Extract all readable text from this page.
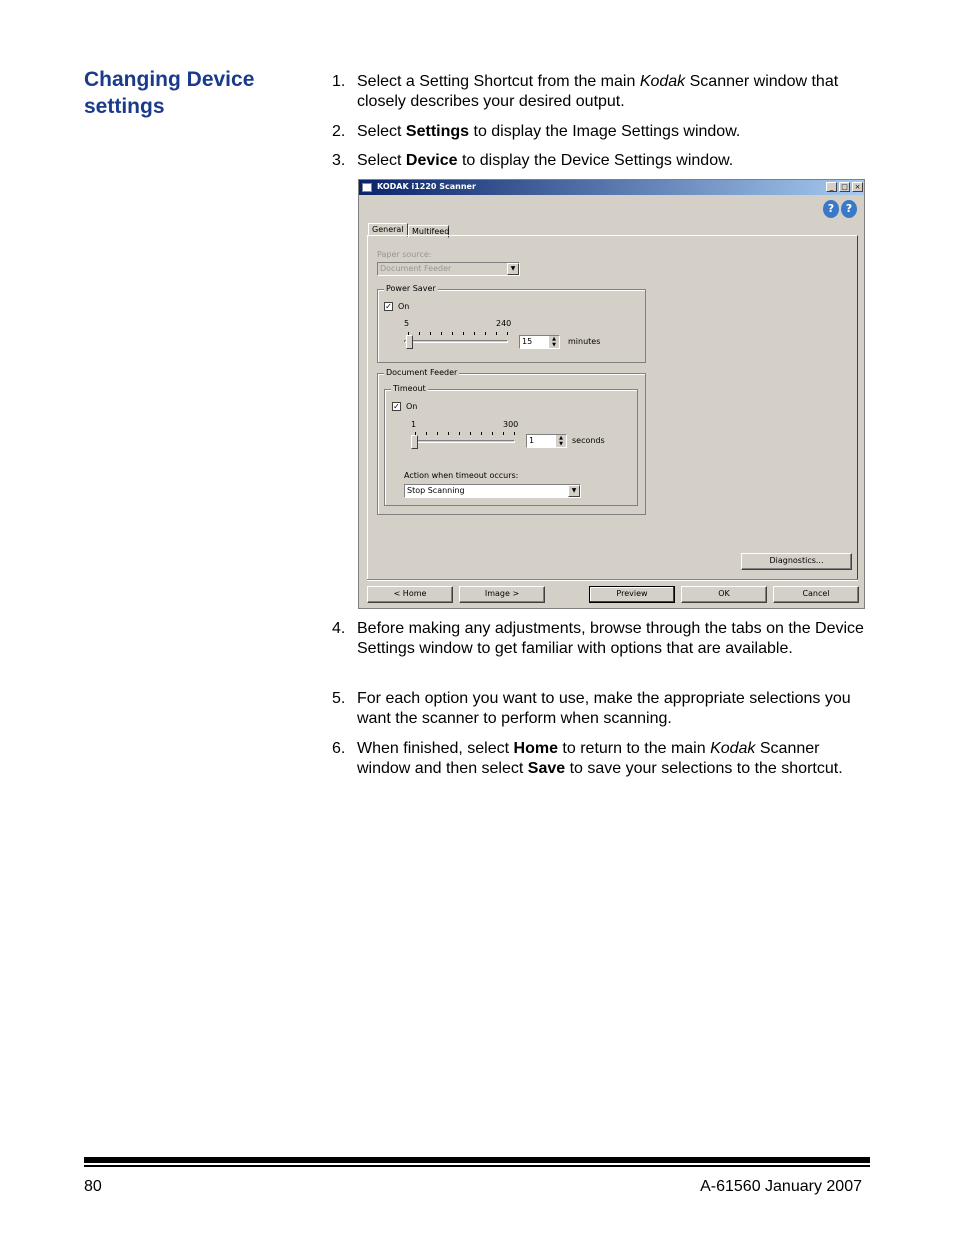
Changing Device settings
1. Select a Setting Shortcut from the main Kodak Scanner window that closely describes your desired output.
2. Select Settings to display the Image Settings window.
3. Select Device to display the Device Settings window.
KODAK i1220 Scanner	_	□ ×
?	?
General	Multifeed
Paper source:
Document Feeder	▼
Power Saver
✓ On
5	240
15	▲
▼	minutes
Document Feeder
Timeout
✓ On
1	300
1	▲
▼	seconds
Action when timeout occurs:
Stop Scanning	▼
Diagnostics...
< Home	Image >	Preview	OK	Cancel
4. Before making any adjustments, browse through the tabs on the Device Settings window to get familiar with options that are available.
5. For each option you want to use, make the appropriate selections you want the scanner to perform when scanning.
6. When finished, select Home to return to the main Kodak Scanner window and then select Save to save your selections to the shortcut.
80	A-61560 January 2007
